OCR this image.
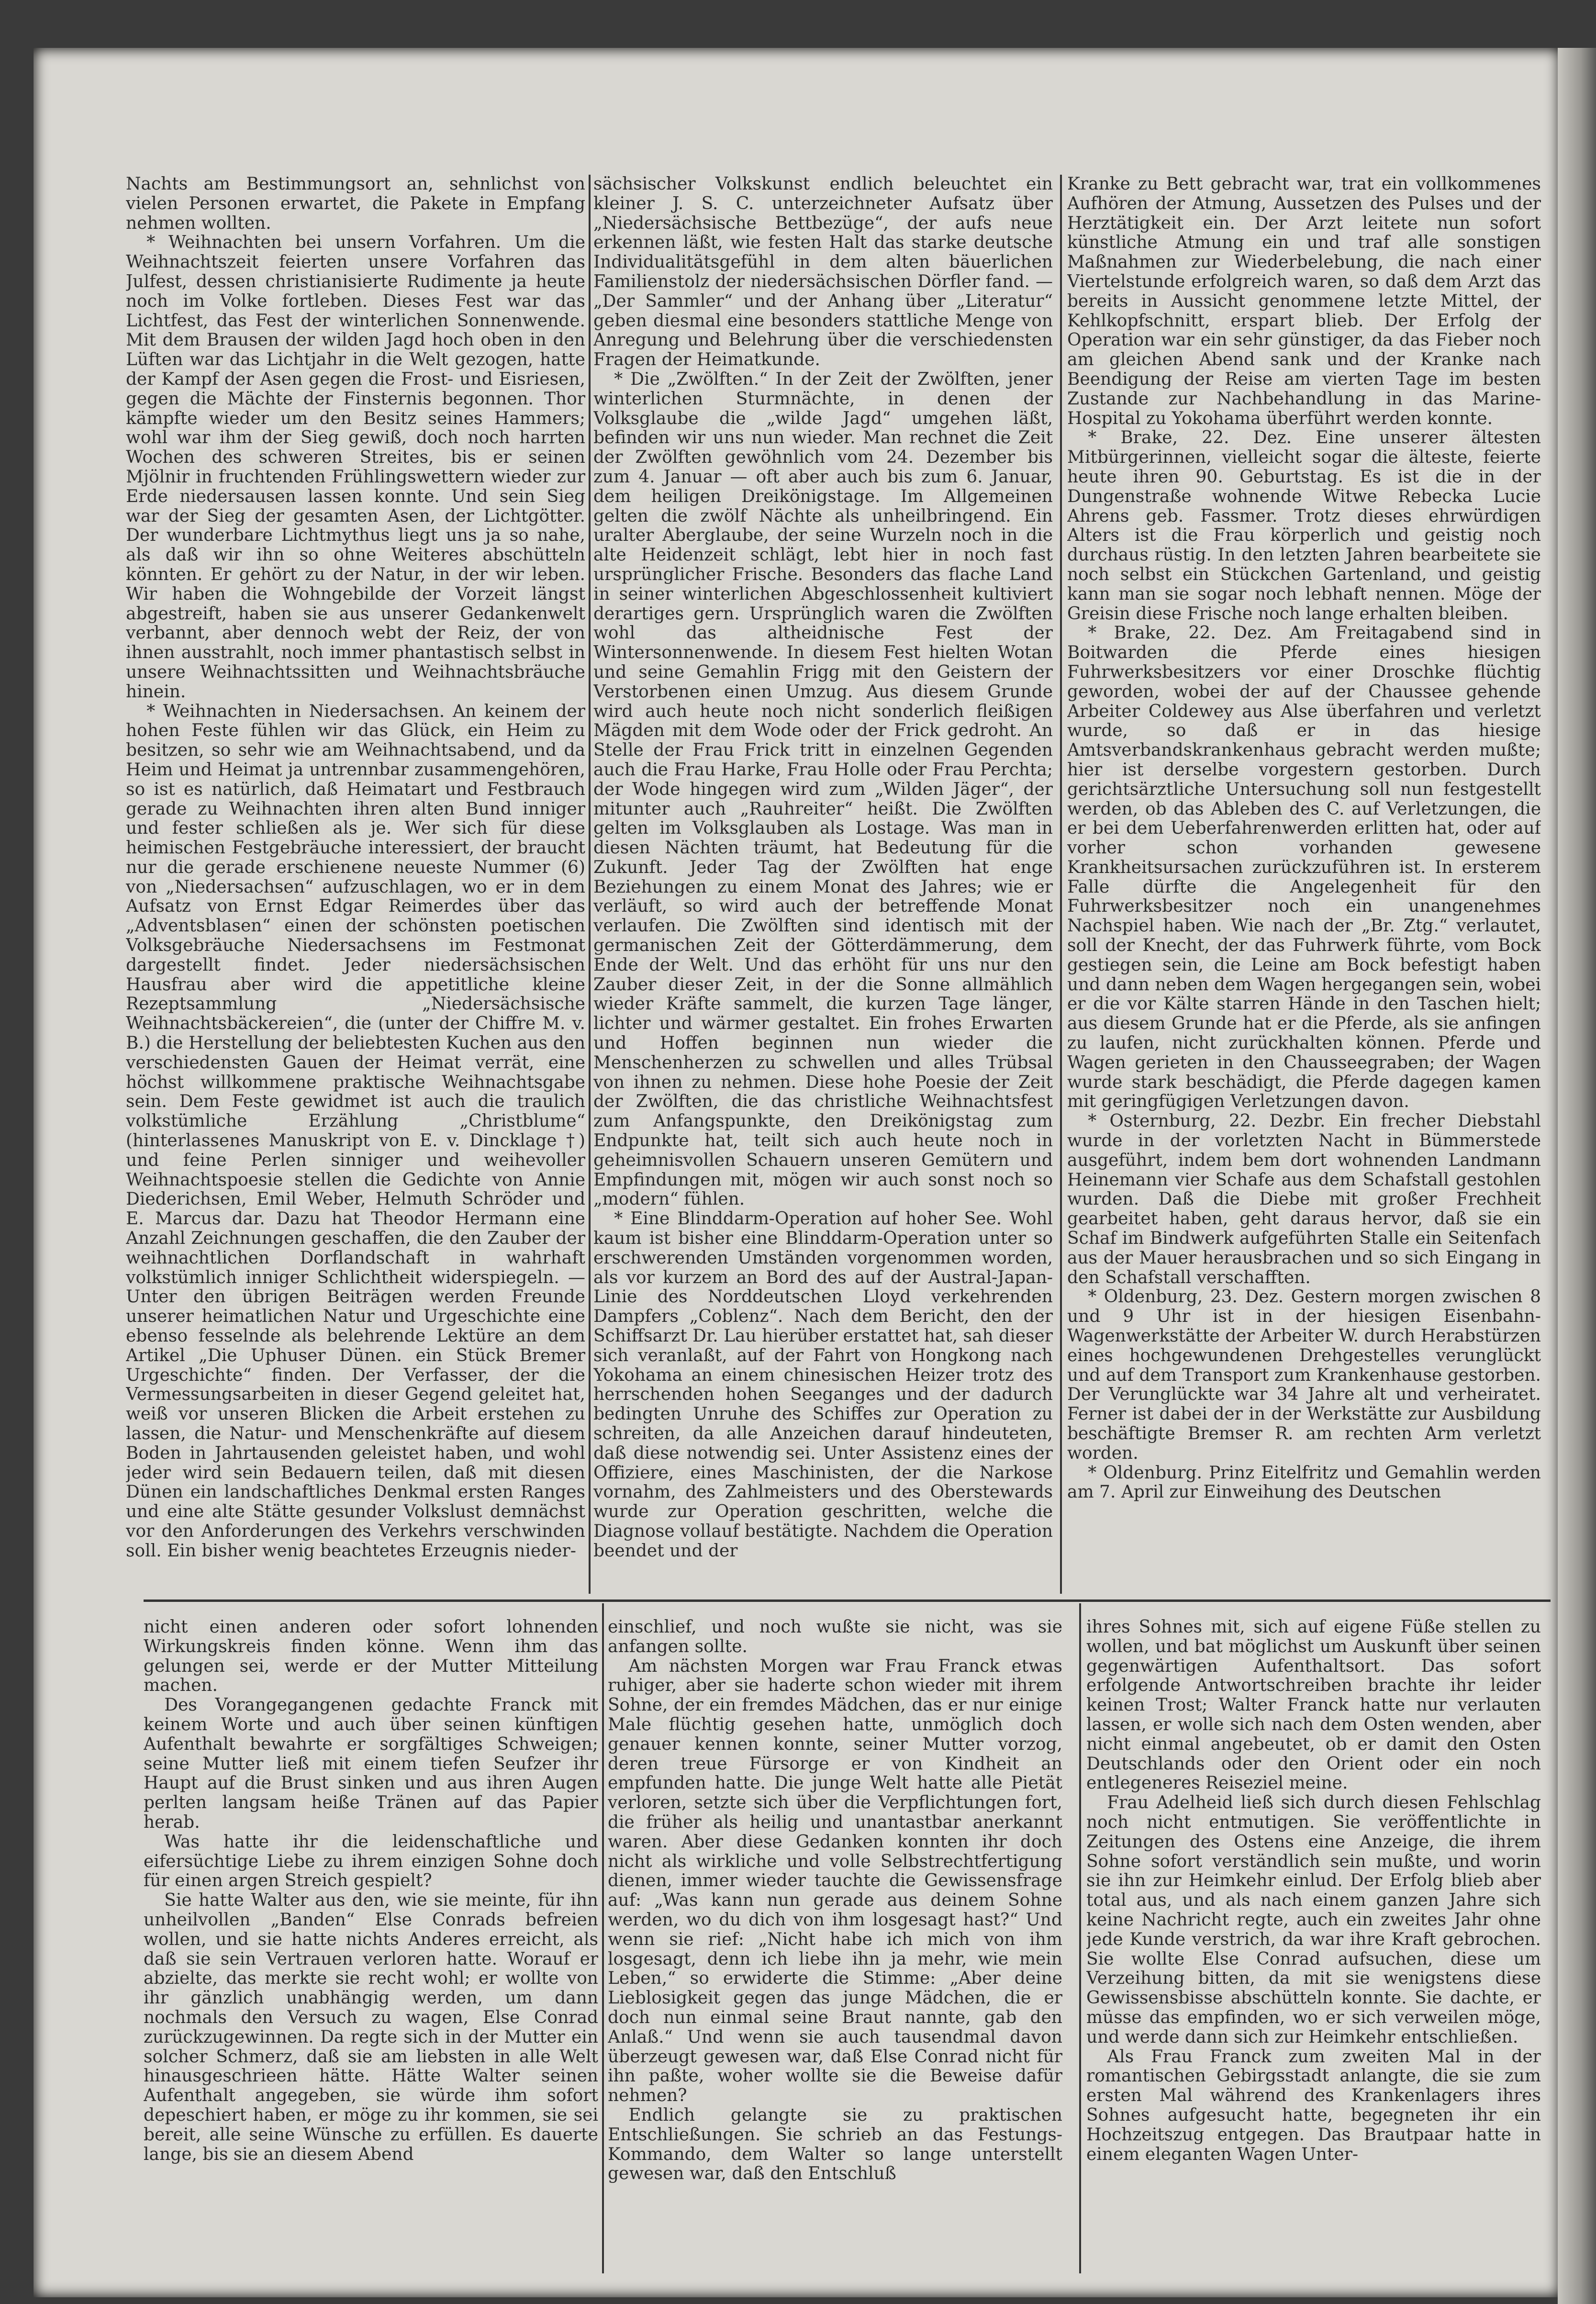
Nachts am Bestimmungsort an, sehnlichst von vielen Personen erwartet, die Pakete in Empfang nehmen wollten.

* Weihnachten bei unsern Vorfahren. Um die Weihnachtszeit feierten unsere Vorfahren das Julfest, dessen christianisierte Rudimente ja heute noch im Volke fortleben. Dieses Fest war das Lichtfest, das Fest der winterlichen Sonnenwende. Mit dem Brausen der wilden Jagd hoch oben in den Lüften war das Lichtjahr in die Welt gezogen, hatte der Kampf der Asen gegen die Frost- und Eisriesen, gegen die Mächte der Finsternis begonnen. Thor kämpfte wieder um den Besitz seines Hammers; wohl war ihm der Sieg gewiß, doch noch harrten Wochen des schweren Streites, bis er seinen Mjölnir in fruchtenden Frühlingswettern wieder zur Erde niedersausen lassen konnte. Und sein Sieg war der Sieg der gesamten Asen, der Lichtgötter. Der wunderbare Lichtmythus liegt uns ja so nahe, als daß wir ihn so ohne Weiteres abschütteln könnten. Er gehört zu der Natur, in der wir leben. Wir haben die Wohngebilde der Vorzeit längst abgestreift, haben sie aus unserer Gedankenwelt verbannt, aber dennoch webt der Reiz, der von ihnen ausstrahlt, noch immer phantastisch selbst in unsere Weihnachtssitten und Weihnachtsbräuche hinein.

* Weihnachten in Niedersachsen. An keinem der hohen Feste fühlen wir das Glück, ein Heim zu besitzen, so sehr wie am Weihnachtsabend, und da Heim und Heimat ja untrennbar zusammengehören, so ist es natürlich, daß Heimatart und Festbrauch gerade zu Weihnachten ihren alten Bund inniger und fester schließen als je. Wer sich für diese heimischen Festgebräuche interessiert, der braucht nur die gerade erschienene neueste Nummer (6) von „Niedersachsen“ aufzuschlagen, wo er in dem Aufsatz von Ernst Edgar Reimerdes über das „Adventsblasen“ einen der schönsten poetischen Volksgebräuche Niedersachsens im Festmonat dargestellt findet. Jeder niedersächsischen Hausfrau aber wird die appetitliche kleine Rezeptsammlung „Niedersächsische Weihnachtsbäckereien“, die (unter der Chiffre M. v. B.) die Herstellung der beliebtesten Kuchen aus den verschiedensten Gauen der Heimat verrät, eine höchst willkommene praktische Weihnachtsgabe sein. Dem Feste gewidmet ist auch die traulich volkstümliche Erzählung „Christblume“ (hinterlassenes Manuskript von E. v. Dincklage †) und feine Perlen sinniger und weihevoller Weihnachtspoesie stellen die Gedichte von Annie Diederichsen, Emil Weber, Helmuth Schröder und E. Marcus dar. Dazu hat Theodor Hermann eine Anzahl Zeichnungen geschaffen, die den Zauber der weihnachtlichen Dorflandschaft in wahrhaft volkstümlich inniger Schlichtheit widerspiegeln. — Unter den übrigen Beiträgen werden Freunde unserer heimatlichen Natur und Urgeschichte eine ebenso fesselnde als belehrende Lektüre an dem Artikel „Die Uphuser Dünen. ein Stück Bremer Urgeschichte“ finden. Der Verfasser, der die Vermessungsarbeiten in dieser Gegend geleitet hat, weiß vor unseren Blicken die Arbeit erstehen zu lassen, die Natur- und Menschenkräfte auf diesem Boden in Jahrtausenden geleistet haben, und wohl jeder wird sein Bedauern teilen, daß mit diesen Dünen ein landschaftliches Denkmal ersten Ranges und eine alte Stätte gesunder Volkslust demnächst vor den Anforderungen des Verkehrs verschwinden soll. Ein bisher wenig beachtetes Erzeugnis nieder-

sächsischer Volkskunst endlich beleuchtet ein kleiner J. S. C. unterzeichneter Aufsatz über „Niedersächsische Bettbezüge“, der aufs neue erkennen läßt, wie festen Halt das starke deutsche Individualitätsgefühl in dem alten bäuerlichen Familienstolz der niedersächsischen Dörfler fand. — „Der Sammler“ und der Anhang über „Literatur“ geben diesmal eine besonders stattliche Menge von Anregung und Belehrung über die verschiedensten Fragen der Heimatkunde.

* Die „Zwölften.“ In der Zeit der Zwölften, jener winterlichen Sturmnächte, in denen der Volksglaube die „wilde Jagd“ umgehen läßt, befinden wir uns nun wieder. Man rechnet die Zeit der Zwölften gewöhnlich vom 24. Dezember bis zum 4. Januar — oft aber auch bis zum 6. Januar, dem heiligen Dreikönigstage. Im Allgemeinen gelten die zwölf Nächte als unheilbringend. Ein uralter Aberglaube, der seine Wurzeln noch in die alte Heidenzeit schlägt, lebt hier in noch fast ursprünglicher Frische. Besonders das flache Land in seiner winterlichen Abgeschlossenheit kultiviert derartiges gern. Ursprünglich waren die Zwölften wohl das altheidnische Fest der Wintersonnenwende. In diesem Fest hielten Wotan und seine Gemahlin Frigg mit den Geistern der Verstorbenen einen Umzug. Aus diesem Grunde wird auch heute noch nicht sonderlich fleißigen Mägden mit dem Wode oder der Frick gedroht. An Stelle der Frau Frick tritt in einzelnen Gegenden auch die Frau Harke, Frau Holle oder Frau Perchta; der Wode hingegen wird zum „Wilden Jäger“, der mitunter auch „Rauhreiter“ heißt. Die Zwölften gelten im Volksglauben als Lostage. Was man in diesen Nächten träumt, hat Bedeutung für die Zukunft. Jeder Tag der Zwölften hat enge Beziehungen zu einem Monat des Jahres; wie er verläuft, so wird auch der betreffende Monat verlaufen. Die Zwölften sind identisch mit der germanischen Zeit der Götterdämmerung, dem Ende der Welt. Und das erhöht für uns nur den Zauber dieser Zeit, in der die Sonne allmählich wieder Kräfte sammelt, die kurzen Tage länger, lichter und wärmer gestaltet. Ein frohes Erwarten und Hoffen beginnen nun wieder die Menschenherzen zu schwellen und alles Trübsal von ihnen zu nehmen. Diese hohe Poesie der Zeit der Zwölften, die das christliche Weihnachtsfest zum Anfangspunkte, den Dreikönigstag zum Endpunkte hat, teilt sich auch heute noch in geheimnisvollen Schauern unseren Gemütern und Empfindungen mit, mögen wir auch sonst noch so „modern“ fühlen.

* Eine Blinddarm-Operation auf hoher See. Wohl kaum ist bisher eine Blinddarm-Operation unter so erschwerenden Umständen vorgenommen worden, als vor kurzem an Bord des auf der Austral-Japan-Linie des Norddeutschen Lloyd verkehrenden Dampfers „Coblenz“. Nach dem Bericht, den der Schiffsarzt Dr. Lau hierüber erstattet hat, sah dieser sich veranlaßt, auf der Fahrt von Hongkong nach Yokohama an einem chinesischen Heizer trotz des herrschenden hohen Seeganges und der dadurch bedingten Unruhe des Schiffes zur Operation zu schreiten, da alle Anzeichen darauf hindeuteten, daß diese notwendig sei. Unter Assistenz eines der Offiziere, eines Maschinisten, der die Narkose vornahm, des Zahlmeisters und des Oberstewards wurde zur Operation geschritten, welche die Diagnose vollauf bestätigte. Nachdem die Operation beendet und der

Kranke zu Bett gebracht war, trat ein vollkommenes Aufhören der Atmung, Aussetzen des Pulses und der Herztätigkeit ein. Der Arzt leitete nun sofort künstliche Atmung ein und traf alle sonstigen Maßnahmen zur Wiederbelebung, die nach einer Viertelstunde erfolgreich waren, so daß dem Arzt das bereits in Aussicht genommene letzte Mittel, der Kehlkopfschnitt, erspart blieb. Der Erfolg der Operation war ein sehr günstiger, da das Fieber noch am gleichen Abend sank und der Kranke nach Beendigung der Reise am vierten Tage im besten Zustande zur Nachbehandlung in das Marine-Hospital zu Yokohama überführt werden konnte.

* Brake, 22. Dez. Eine unserer ältesten Mitbürgerinnen, vielleicht sogar die älteste, feierte heute ihren 90. Geburtstag. Es ist die in der Dungenstraße wohnende Witwe Rebecka Lucie Ahrens geb. Fassmer. Trotz dieses ehrwürdigen Alters ist die Frau körperlich und geistig noch durchaus rüstig. In den letzten Jahren bearbeitete sie noch selbst ein Stückchen Gartenland, und geistig kann man sie sogar noch lebhaft nennen. Möge der Greisin diese Frische noch lange erhalten bleiben.

* Brake, 22. Dez. Am Freitagabend sind in Boitwarden die Pferde eines hiesigen Fuhrwerksbesitzers vor einer Droschke flüchtig geworden, wobei der auf der Chaussee gehende Arbeiter Coldewey aus Alse überfahren und verletzt wurde, so daß er in das hiesige Amtsverbandskrankenhaus gebracht werden mußte; hier ist derselbe vorgestern gestorben. Durch gerichtsärztliche Untersuchung soll nun festgestellt werden, ob das Ableben des C. auf Verletzungen, die er bei dem Ueberfahrenwerden erlitten hat, oder auf vorher schon vorhanden gewesene Krankheitsursachen zurückzuführen ist. In ersterem Falle dürfte die Angelegenheit für den Fuhrwerksbesitzer noch ein unangenehmes Nachspiel haben. Wie nach der „Br. Ztg.“ verlautet, soll der Knecht, der das Fuhrwerk führte, vom Bock gestiegen sein, die Leine am Bock befestigt haben und dann neben dem Wagen hergegangen sein, wobei er die vor Kälte starren Hände in den Taschen hielt; aus diesem Grunde hat er die Pferde, als sie anfingen zu laufen, nicht zurückhalten können. Pferde und Wagen gerieten in den Chausseegraben; der Wagen wurde stark beschädigt, die Pferde dagegen kamen mit geringfügigen Verletzungen davon.

* Osternburg, 22. Dezbr. Ein frecher Diebstahl wurde in der vorletzten Nacht in Bümmerstede ausgeführt, indem bem dort wohnenden Landmann Heinemann vier Schafe aus dem Schafstall gestohlen wurden. Daß die Diebe mit großer Frechheit gearbeitet haben, geht daraus hervor, daß sie ein Schaf im Bindwerk aufgeführten Stalle ein Seitenfach aus der Mauer herausbrachen und so sich Eingang in den Schafstall verschafften.

* Oldenburg, 23. Dez. Gestern morgen zwischen 8 und 9 Uhr ist in der hiesigen Eisenbahn-Wagenwerkstätte der Arbeiter W. durch Herabstürzen eines hochgewundenen Drehgestelles verunglückt und auf dem Transport zum Krankenhause gestorben. Der Verunglückte war 34 Jahre alt und verheiratet. Ferner ist dabei der in der Werkstätte zur Ausbildung beschäftigte Bremser R. am rechten Arm verletzt worden.

* Oldenburg. Prinz Eitelfritz und Gemahlin werden am 7. April zur Einweihung des Deutschen

nicht einen anderen oder sofort lohnenden Wirkungskreis finden könne. Wenn ihm das gelungen sei, werde er der Mutter Mitteilung machen.

Des Vorangegangenen gedachte Franck mit keinem Worte und auch über seinen künftigen Aufenthalt bewahrte er sorgfältiges Schweigen; seine Mutter ließ mit einem tiefen Seufzer ihr Haupt auf die Brust sinken und aus ihren Augen perlten langsam heiße Tränen auf das Papier herab.

Was hatte ihr die leidenschaftliche und eifersüchtige Liebe zu ihrem einzigen Sohne doch für einen argen Streich gespielt?

Sie hatte Walter aus den, wie sie meinte, für ihn unheilvollen „Banden“ Else Conrads befreien wollen, und sie hatte nichts Anderes erreicht, als daß sie sein Vertrauen verloren hatte. Worauf er abzielte, das merkte sie recht wohl; er wollte von ihr gänzlich unabhängig werden, um dann nochmals den Versuch zu wagen, Else Conrad zurückzugewinnen. Da regte sich in der Mutter ein solcher Schmerz, daß sie am liebsten in alle Welt hinausgeschrieen hätte. Hätte Walter seinen Aufenthalt angegeben, sie würde ihm sofort depeschiert haben, er möge zu ihr kommen, sie sei bereit, alle seine Wünsche zu erfüllen. Es dauerte lange, bis sie an diesem Abend

einschlief, und noch wußte sie nicht, was sie anfangen sollte.

Am nächsten Morgen war Frau Franck etwas ruhiger, aber sie haderte schon wieder mit ihrem Sohne, der ein fremdes Mädchen, das er nur einige Male flüchtig gesehen hatte, unmöglich doch genauer kennen konnte, seiner Mutter vorzog, deren treue Fürsorge er von Kindheit an empfunden hatte. Die junge Welt hatte alle Pietät verloren, setzte sich über die Verpflichtungen fort, die früher als heilig und unantastbar anerkannt waren. Aber diese Gedanken konnten ihr doch nicht als wirkliche und volle Selbstrechtfertigung dienen, immer wieder tauchte die Gewissensfrage auf: „Was kann nun gerade aus deinem Sohne werden, wo du dich von ihm losgesagt hast?“ Und wenn sie rief: „Nicht habe ich mich von ihm losgesagt, denn ich liebe ihn ja mehr, wie mein Leben,“ so erwiderte die Stimme: „Aber deine Lieblosigkeit gegen das junge Mädchen, die er doch nun einmal seine Braut nannte, gab den Anlaß.“ Und wenn sie auch tausendmal davon überzeugt gewesen war, daß Else Conrad nicht für ihn paßte, woher wollte sie die Beweise dafür nehmen?

Endlich gelangte sie zu praktischen Entschließungen. Sie schrieb an das Festungs-Kommando, dem Walter so lange unterstellt gewesen war, daß den Entschluß

ihres Sohnes mit, sich auf eigene Füße stellen zu wollen, und bat möglichst um Auskunft über seinen gegenwärtigen Aufenthaltsort. Das sofort erfolgende Antwortschreiben brachte ihr leider keinen Trost; Walter Franck hatte nur verlauten lassen, er wolle sich nach dem Osten wenden, aber nicht einmal angebeutet, ob er damit den Osten Deutschlands oder den Orient oder ein noch entlegeneres Reiseziel meine.

Frau Adelheid ließ sich durch diesen Fehlschlag noch nicht entmutigen. Sie veröffentlichte in Zeitungen des Ostens eine Anzeige, die ihrem Sohne sofort verständlich sein mußte, und worin sie ihn zur Heimkehr einlud. Der Erfolg blieb aber total aus, und als nach einem ganzen Jahre sich keine Nachricht regte, auch ein zweites Jahr ohne jede Kunde verstrich, da war ihre Kraft gebrochen. Sie wollte Else Conrad aufsuchen, diese um Verzeihung bitten, da mit sie wenigstens diese Gewissensbisse abschütteln konnte. Sie dachte, er müsse das empfinden, wo er sich verweilen möge, und werde dann sich zur Heimkehr entschließen.

Als Frau Franck zum zweiten Mal in der romantischen Gebirgsstadt anlangte, die sie zum ersten Mal während des Krankenlagers ihres Sohnes aufgesucht hatte, begegneten ihr ein Hochzeitszug entgegen. Das Brautpaar hatte in einem eleganten Wagen Unter-
